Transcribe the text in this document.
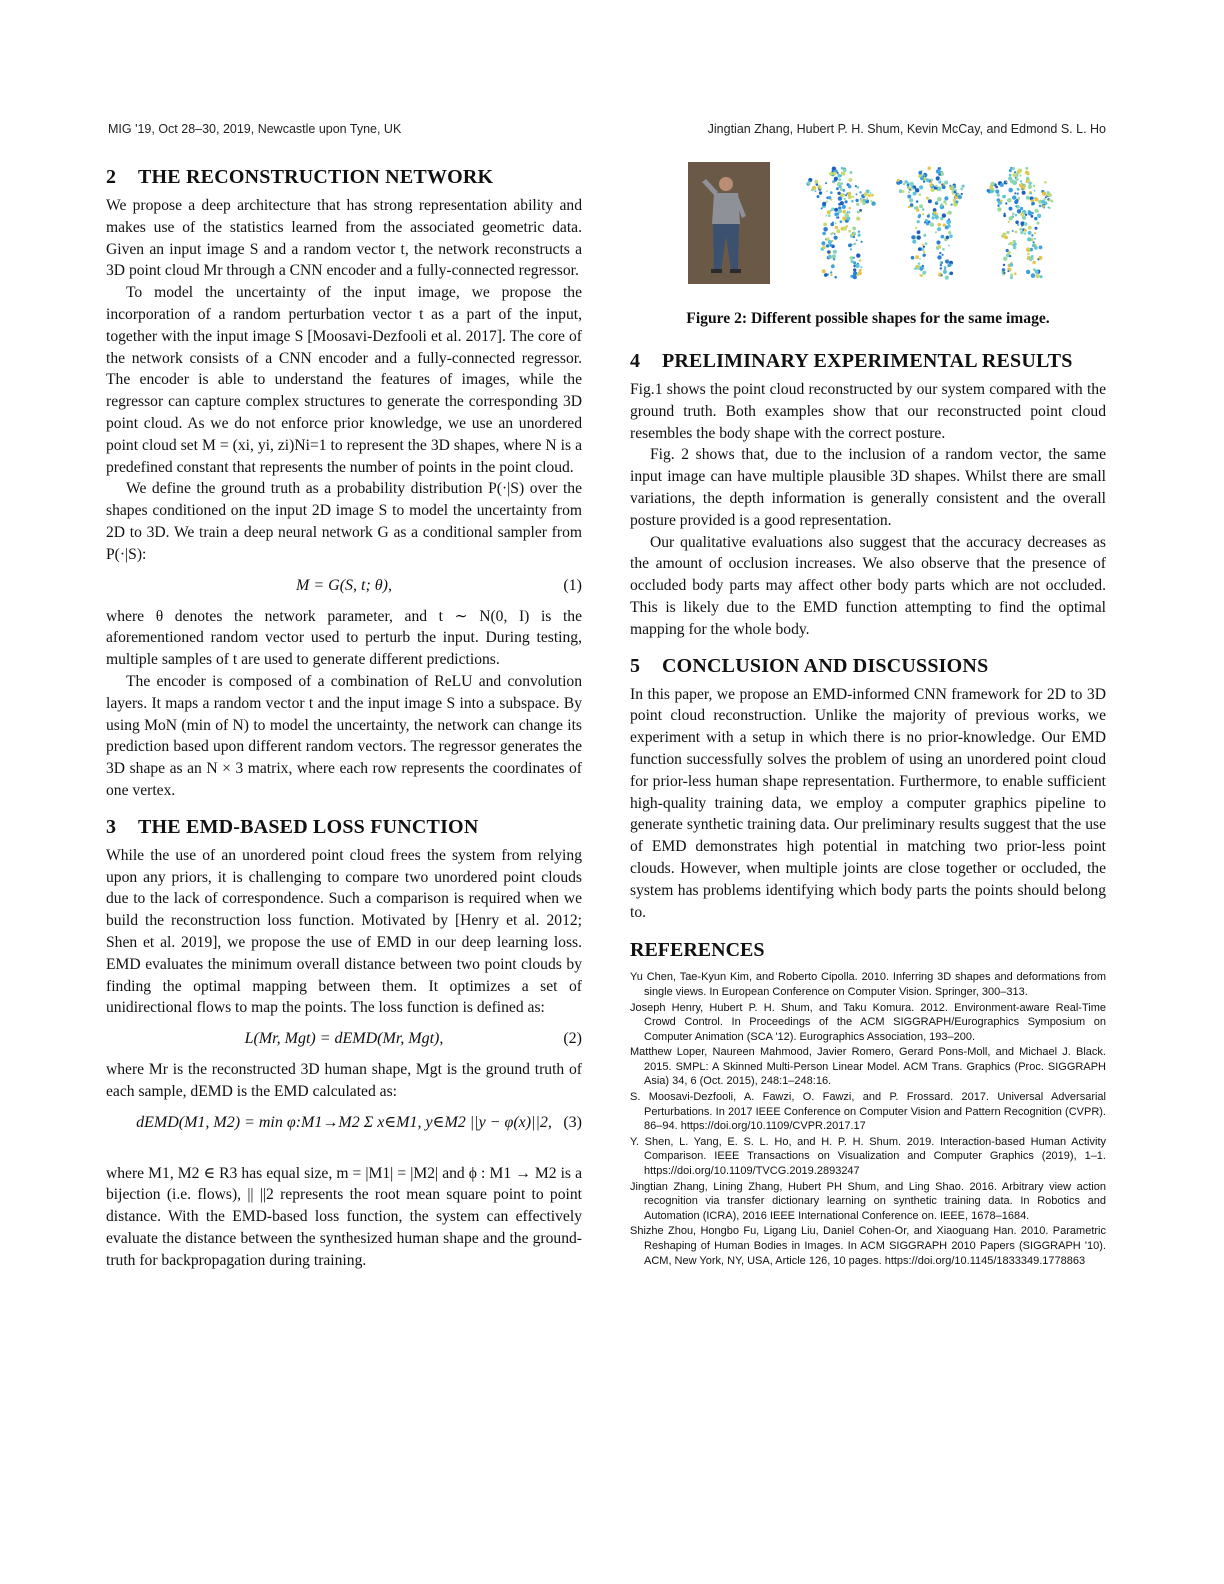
MIG '19, Oct 28–30, 2019, Newcastle upon Tyne, UK	Jingtian Zhang, Hubert P. H. Shum, Kevin McCay, and Edmond S. L. Ho
2 THE RECONSTRUCTION NETWORK

We propose a deep architecture that has strong representation ability and makes use of the statistics learned from the associated geometric data. Given an input image S and a random vector t, the network reconstructs a 3D point cloud Mr through a CNN encoder and a fully-connected regressor.

To model the uncertainty of the input image, we propose the incorporation of a random perturbation vector t as a part of the input, together with the input image S [Moosavi-Dezfooli et al. 2017]. The core of the network consists of a CNN encoder and a fully-connected regressor. The encoder is able to understand the features of images, while the regressor can capture complex structures to generate the corresponding 3D point cloud. As we do not enforce prior knowledge, we use an unordered point cloud set M = (xi, yi, zi)Ni=1 to represent the 3D shapes, where N is a predefined constant that represents the number of points in the point cloud.

We define the ground truth as a probability distribution P(·|S) over the shapes conditioned on the input 2D image S to model the uncertainty from 2D to 3D. We train a deep neural network G as a conditional sampler from P(·|S):

M = G(S, t; θ),	(1)

where θ denotes the network parameter, and t ∼ N(0, I) is the aforementioned random vector used to perturb the input. During testing, multiple samples of t are used to generate different predictions.

The encoder is composed of a combination of ReLU and convolution layers. It maps a random vector t and the input image S into a subspace. By using MoN (min of N) to model the uncertainty, the network can change its prediction based upon different random vectors. The regressor generates the 3D shape as an N × 3 matrix, where each row represents the coordinates of one vertex.

3 THE EMD-BASED LOSS FUNCTION

While the use of an unordered point cloud frees the system from relying upon any priors, it is challenging to compare two unordered point clouds due to the lack of correspondence. Such a comparison is required when we build the reconstruction loss function. Motivated by [Henry et al. 2012; Shen et al. 2019], we propose the use of EMD in our deep learning loss. EMD evaluates the minimum overall distance between two point clouds by finding the optimal mapping between them. It optimizes a set of unidirectional flows to map the points. The loss function is defined as:

L(Mr, Mgt) = dEMD(Mr, Mgt),	(2)

where Mr is the reconstructed 3D human shape, Mgt is the ground truth of each sample, dEMD is the EMD calculated as:

dEMD(M1, M2) = min φ:M1→M2 Σ x∈M1, y∈M2 ||y − φ(x)||2, (3)

where M1, M2 ∈ R3 has equal size, m = |M1| = |M2| and ϕ : M1 → M2 is a bijection (i.e. flows), || ||2 represents the root mean square point to point distance. With the EMD-based loss function, the system can effectively evaluate the distance between the synthesized human shape and the ground-truth for backpropagation during training.

Figure 2: Different possible shapes for the same image.
4 PRELIMINARY EXPERIMENTAL RESULTS

Fig.1 shows the point cloud reconstructed by our system compared with the ground truth. Both examples show that our reconstructed point cloud resembles the body shape with the correct posture.

Fig. 2 shows that, due to the inclusion of a random vector, the same input image can have multiple plausible 3D shapes. Whilst there are small variations, the depth information is generally consistent and the overall posture provided is a good representation.

Our qualitative evaluations also suggest that the accuracy decreases as the amount of occlusion increases. We also observe that the presence of occluded body parts may affect other body parts which are not occluded. This is likely due to the EMD function attempting to find the optimal mapping for the whole body.

5 CONCLUSION AND DISCUSSIONS

In this paper, we propose an EMD-informed CNN framework for 2D to 3D point cloud reconstruction. Unlike the majority of previous works, we experiment with a setup in which there is no prior-knowledge. Our EMD function successfully solves the problem of using an unordered point cloud for prior-less human shape representation. Furthermore, to enable sufficient high-quality training data, we employ a computer graphics pipeline to generate synthetic training data. Our preliminary results suggest that the use of EMD demonstrates high potential in matching two prior-less point clouds. However, when multiple joints are close together or occluded, the system has problems identifying which body parts the points should belong to.

REFERENCES
Yu Chen, Tae-Kyun Kim, and Roberto Cipolla. 2010. Inferring 3D shapes and deformations from single views. In European Conference on Computer Vision. Springer, 300–313.
Joseph Henry, Hubert P. H. Shum, and Taku Komura. 2012. Environment-aware Real-Time Crowd Control. In Proceedings of the ACM SIGGRAPH/Eurographics Symposium on Computer Animation (SCA '12). Eurographics Association, 193–200.
Matthew Loper, Naureen Mahmood, Javier Romero, Gerard Pons-Moll, and Michael J. Black. 2015. SMPL: A Skinned Multi-Person Linear Model. ACM Trans. Graphics (Proc. SIGGRAPH Asia) 34, 6 (Oct. 2015), 248:1–248:16.
S. Moosavi-Dezfooli, A. Fawzi, O. Fawzi, and P. Frossard. 2017. Universal Adversarial Perturbations. In 2017 IEEE Conference on Computer Vision and Pattern Recognition (CVPR). 86–94. https://doi.org/10.1109/CVPR.2017.17
Y. Shen, L. Yang, E. S. L. Ho, and H. P. H. Shum. 2019. Interaction-based Human Activity Comparison. IEEE Transactions on Visualization and Computer Graphics (2019), 1–1. https://doi.org/10.1109/TVCG.2019.2893247
Jingtian Zhang, Lining Zhang, Hubert PH Shum, and Ling Shao. 2016. Arbitrary view action recognition via transfer dictionary learning on synthetic training data. In Robotics and Automation (ICRA), 2016 IEEE International Conference on. IEEE, 1678–1684.
Shizhe Zhou, Hongbo Fu, Ligang Liu, Daniel Cohen-Or, and Xiaoguang Han. 2010. Parametric Reshaping of Human Bodies in Images. In ACM SIGGRAPH 2010 Papers (SIGGRAPH '10). ACM, New York, NY, USA, Article 126, 10 pages. https://doi.org/10.1145/1833349.1778863
